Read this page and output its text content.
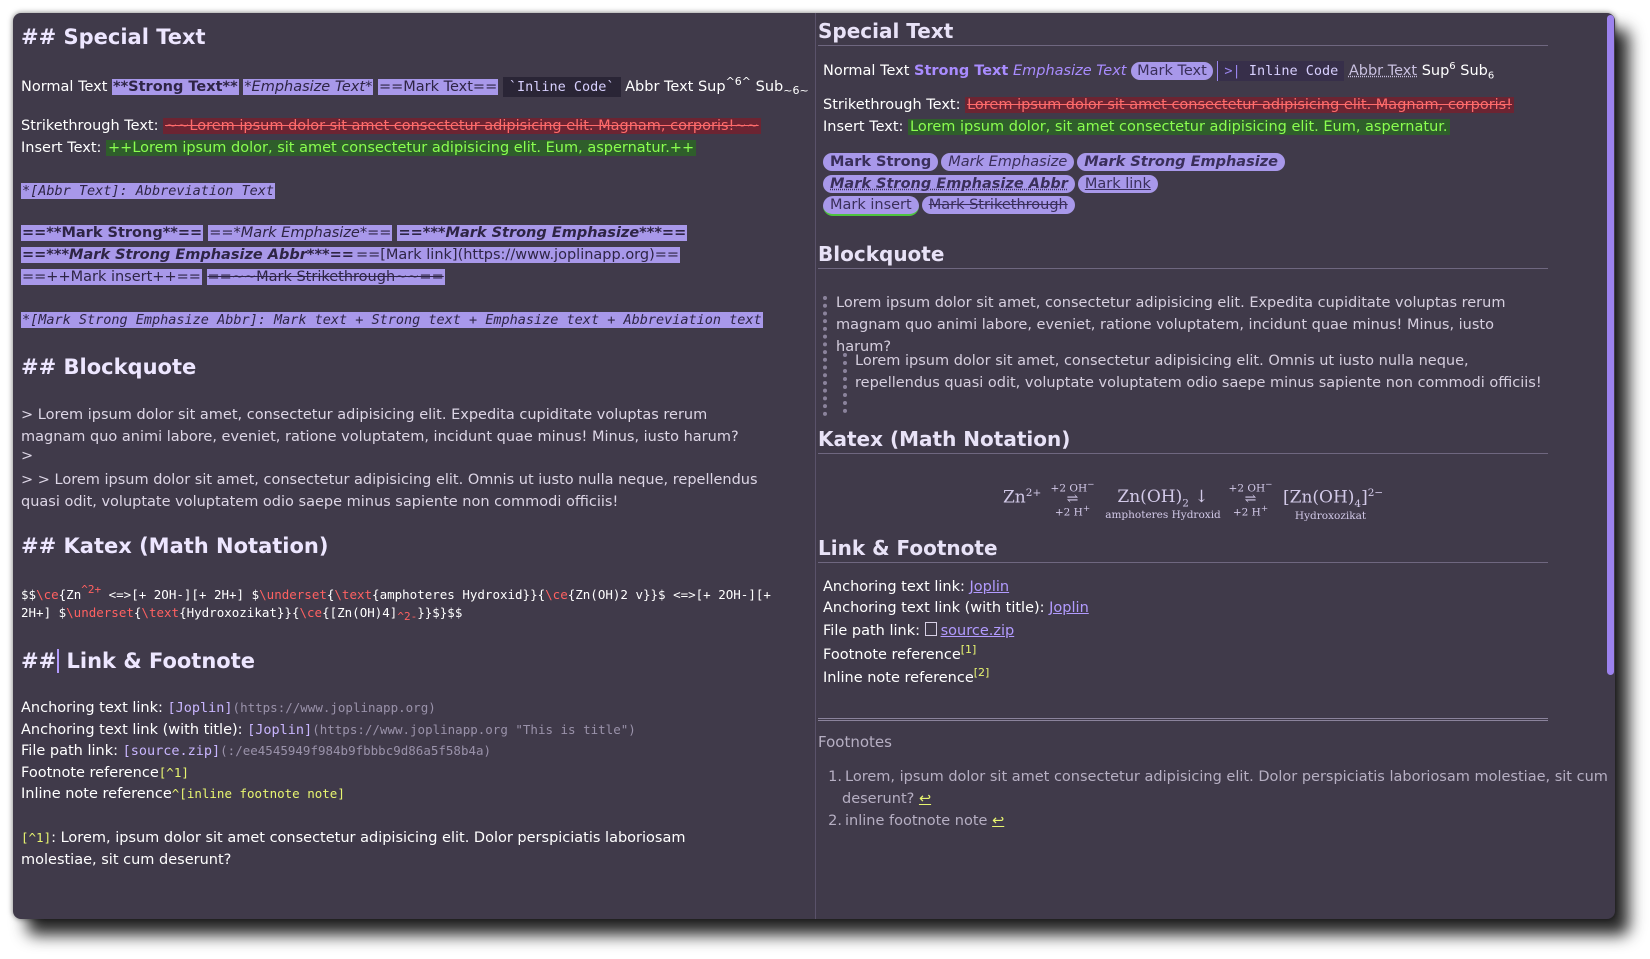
## Special Text
Normal Text **Strong Text** *Emphasize Text* ==Mark Text== `Inline Code` Abbr Text Sup$^{\^{}6\^{}}$ Sub$_{\sim 6\sim}$
Strikethrough Text: ~~Lorem ipsum dolor sit amet consectetur adipisicing elit. Magnam, corporis!~~
Insert Text: ++Lorem ipsum dolor, sit amet consectetur adipisicing elit. Eum, aspernatur.++
*[Abbr Text]: Abbreviation Text
==**Mark Strong**== ==*Mark Emphasize*== ==***Mark Strong Emphasize***==
==***Mark Strong Emphasize Abbr***== ==[Mark link](https://www.joplinapp.org)==
==++Mark insert++== ==~~Mark Strikethrough~~==
*[Mark Strong Emphasize Abbr]: Mark text + Strong text + Emphasize text + Abbreviation text
## Blockquote
> Lorem ipsum dolor sit amet, consectetur adipisicing elit. Expedita cupiditate voluptas rerum magnam quo animi labore, eveniet, ratione voluptatem, incidunt quae minus! Minus, iusto harum?
>
> > Lorem ipsum dolor sit amet, consectetur adipisicing elit. Omnis ut iusto nulla neque, repellendus quasi odit, voluptate voluptatem odio saepe minus sapiente non commodi officiis!
## Katex (Math Notation)
$$\ce{Zn^2+ <=>[+ 2OH-][+ 2H+] $\underset{\text{amphoteres Hydroxid}}{\ce{Zn(OH)2 v}}$ <=>[+ 2OH-][+
2H+] $\underset{\text{Hydroxozikat}}{\ce{[Zn(OH)4]^2-}}$}$$
## Link & Footnote
Anchoring text link: [Joplin](https://www.joplinapp.org)
Anchoring text link (with title): [Joplin](https://www.joplinapp.org "This is title")
File path link: [source.zip](:/ee4545949f984b9fbbbc9d86a5f58b4a)
Footnote reference[^1]
Inline note reference^[inline footnote note]
[^1]: Lorem, ipsum dolor sit amet consectetur adipisicing elit. Dolor perspiciatis laboriosam molestiae, sit cum deserunt?
Special Text
Normal Text Strong Text Emphasize Text Mark Text >| Inline Code Abbr Text Sup$^6$ Sub$_6$
Strikethrough Text: Lorem ipsum dolor sit amet consectetur adipisicing elit. Magnam, corporis!
Insert Text: Lorem ipsum dolor, sit amet consectetur adipisicing elit. Eum, aspernatur.
Mark Strong Mark Emphasize Mark Strong Emphasize
Mark Strong Emphasize Abbr Mark link
Mark insert Mark Strikethrough
Blockquote
Lorem ipsum dolor sit amet, consectetur adipisicing elit. Expedita cupiditate voluptas rerum magnam quo animi labore, eveniet, ratione voluptatem, incidunt quae minus! Minus, iusto harum?
Lorem ipsum dolor sit amet, consectetur adipisicing elit. Omnis ut iusto nulla neque, repellendus quasi odit, voluptate voluptatem odio saepe minus sapiente non commodi officiis!
Katex (Math Notation)
$Zn^{2+} +2$ OH−
⇌
+2 H+
$Zn(OH)_2$ ↓
amphoteres Hydroxid
+2 OH−
⇌
+2 H+
$[Zn(OH)_4]^{2-}$
Hydroxozikat
Link & Footnote
Anchoring text link: Joplin
Anchoring text link (with title): Joplin
File path link: source.zip
Footnote reference[1]
Inline note reference[2]
Footnotes
1. Lorem, ipsum dolor sit amet consectetur adipisicing elit. Dolor perspiciatis laboriosam molestiae, sit cum
deserunt? ↩
2. inline footnote note ↩
